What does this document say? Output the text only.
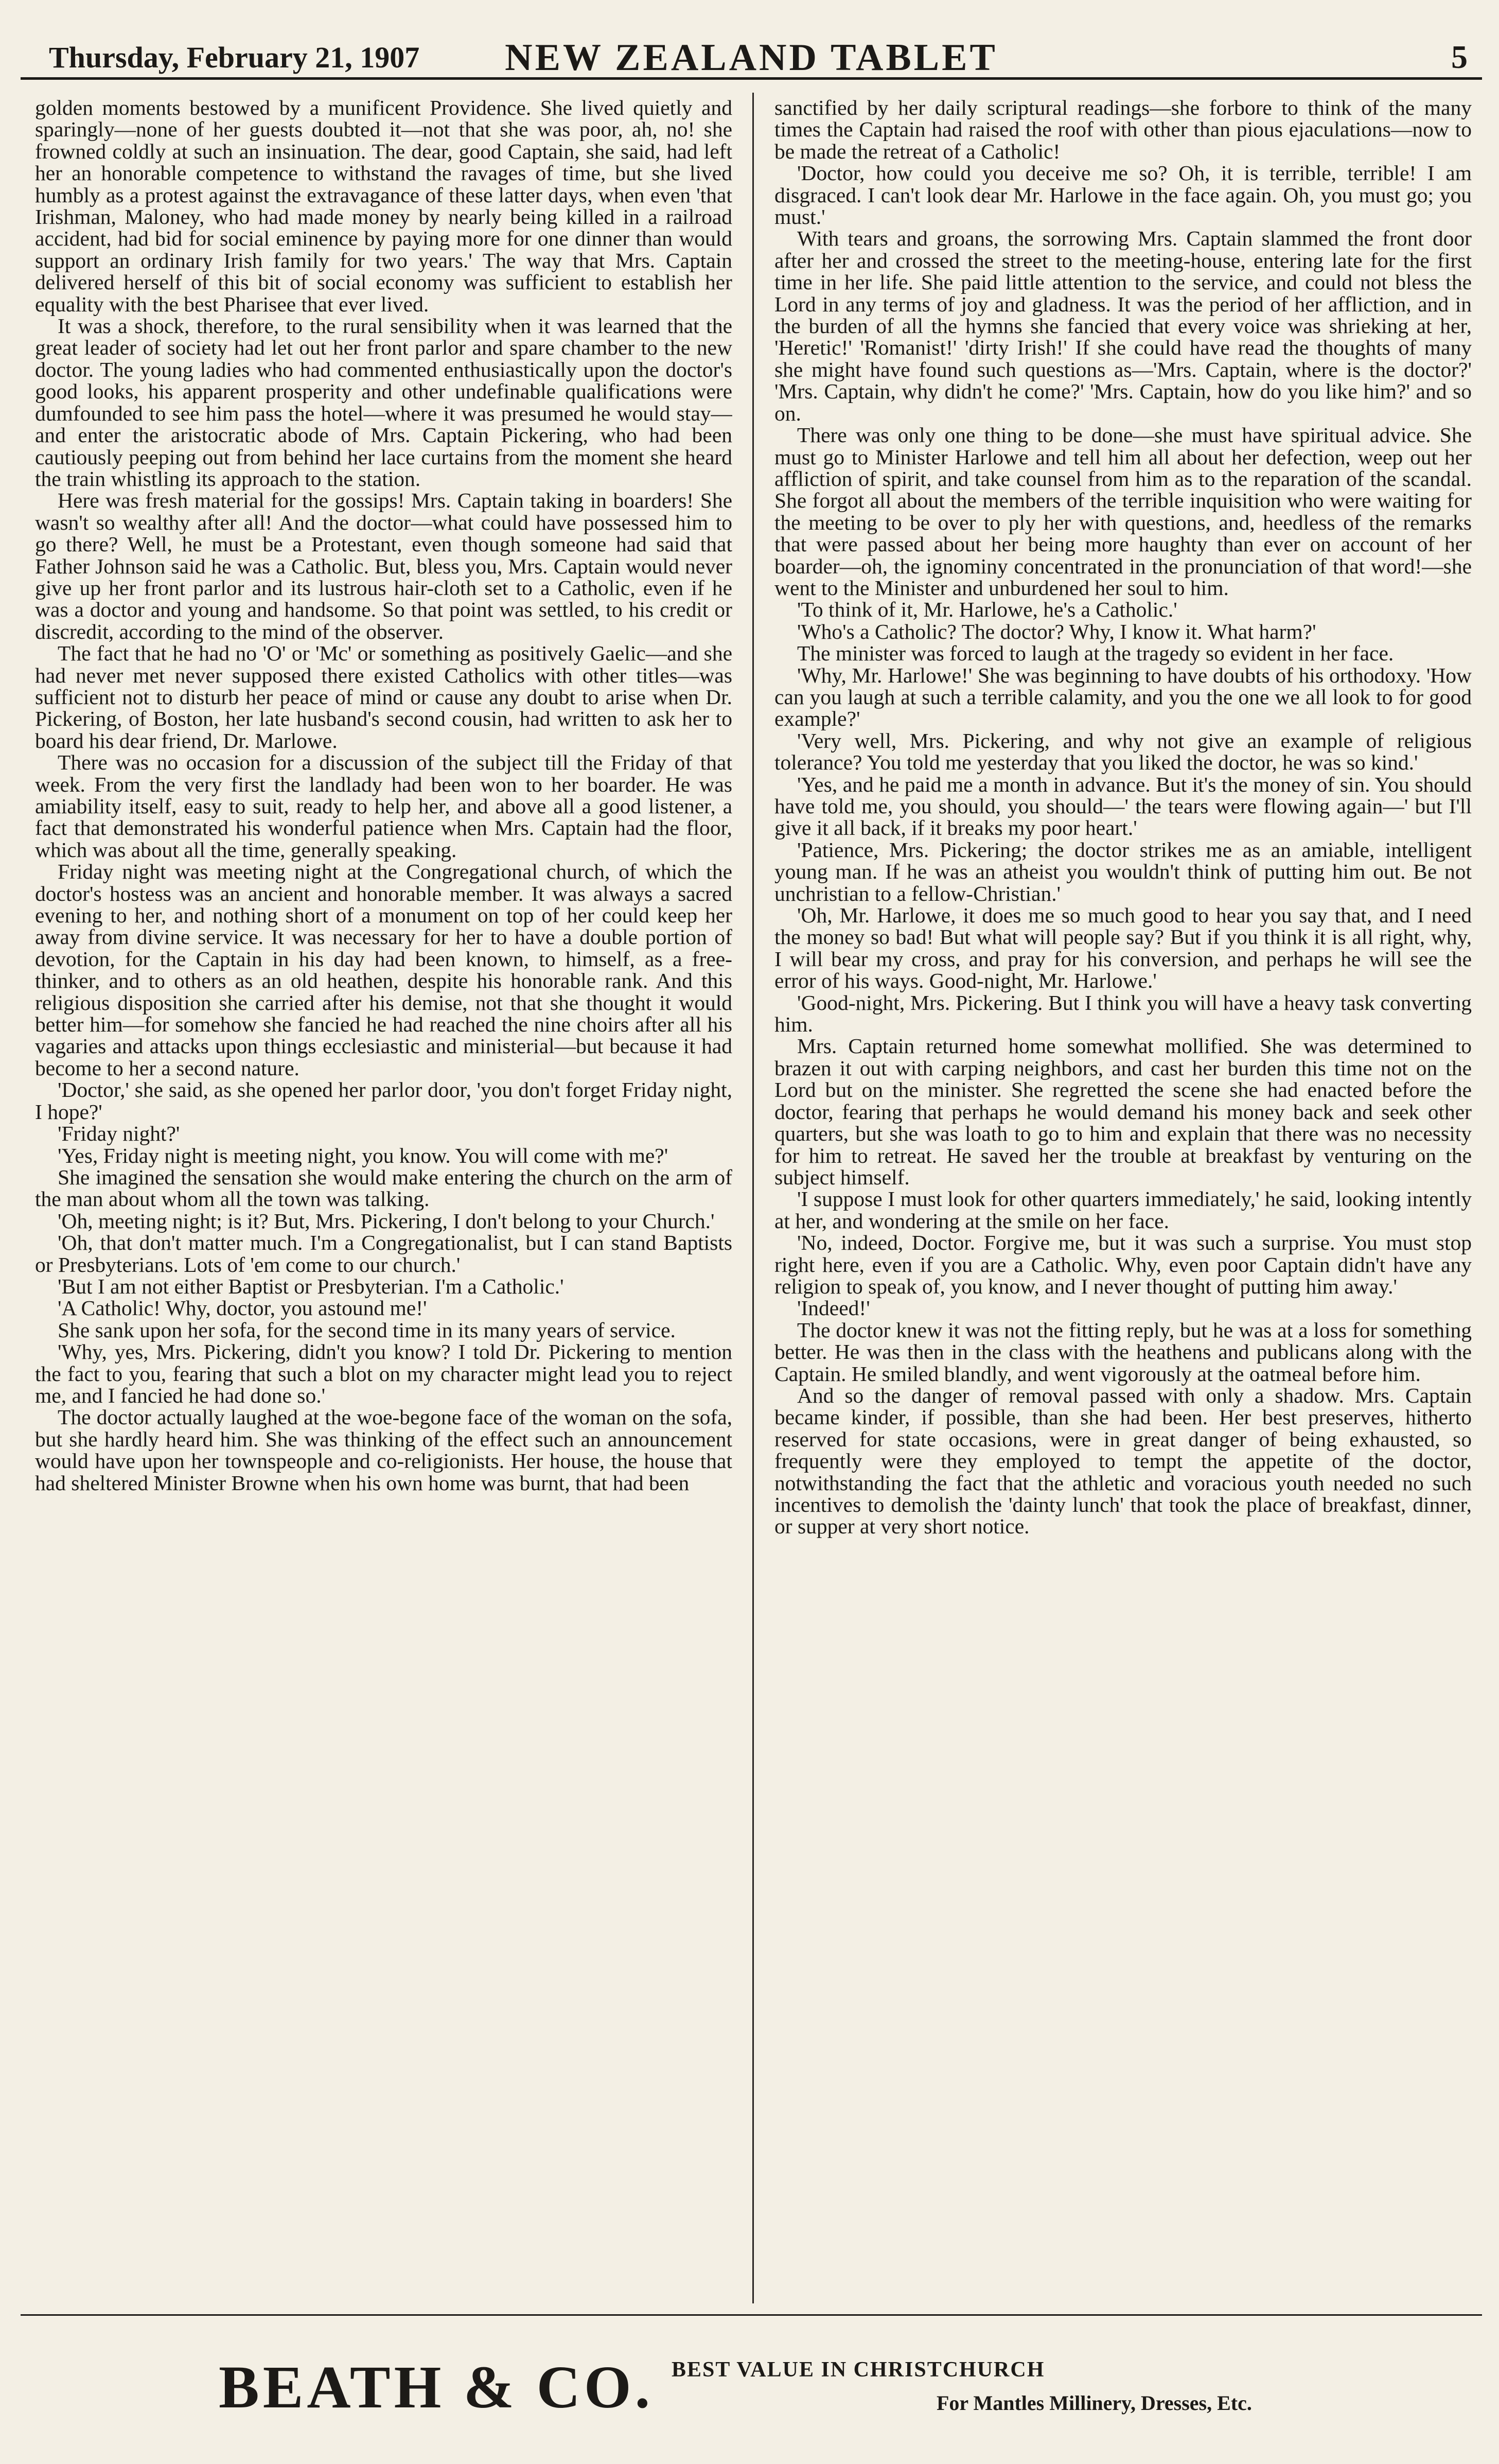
Thursday, February 21, 1907	NEW ZEALAND TABLET	5

golden moments bestowed by a munificent Providence. She lived quietly and sparingly—none of her guests doubted it—not that she was poor, ah, no! she frowned coldly at such an insinuation. The dear, good Captain, she said, had left her an honorable competence to withstand the ravages of time, but she lived humbly as a protest against the extravagance of these latter days, when even 'that Irishman, Maloney, who had made money by nearly being killed in a railroad accident, had bid for social eminence by paying more for one dinner than would support an ordinary Irish family for two years.' The way that Mrs. Captain delivered herself of this bit of social economy was sufficient to establish her equality with the best Pharisee that ever lived.

It was a shock, therefore, to the rural sensibility when it was learned that the great leader of society had let out her front parlor and spare chamber to the new doctor. The young ladies who had commented enthusiastically upon the doctor's good looks, his apparent prosperity and other undefinable qualifications were dumfounded to see him pass the hotel—where it was presumed he would stay—and enter the aristocratic abode of Mrs. Captain Pickering, who had been cautiously peeping out from behind her lace curtains from the moment she heard the train whistling its approach to the station.

Here was fresh material for the gossips! Mrs. Captain taking in boarders! She wasn't so wealthy after all! And the doctor—what could have possessed him to go there? Well, he must be a Protestant, even though someone had said that Father Johnson said he was a Catholic. But, bless you, Mrs. Captain would never give up her front parlor and its lustrous hair-cloth set to a Catholic, even if he was a doctor and young and handsome. So that point was settled, to his credit or discredit, according to the mind of the observer.

The fact that he had no 'O' or 'Mc' or something as positively Gaelic—and she had never met never supposed there existed Catholics with other titles—was sufficient not to disturb her peace of mind or cause any doubt to arise when Dr. Pickering, of Boston, her late husband's second cousin, had written to ask her to board his dear friend, Dr. Marlowe.

There was no occasion for a discussion of the subject till the Friday of that week. From the very first the landlady had been won to her boarder. He was amiability itself, easy to suit, ready to help her, and above all a good listener, a fact that demonstrated his wonderful patience when Mrs. Captain had the floor, which was about all the time, generally speaking.

Friday night was meeting night at the Congregational church, of which the doctor's hostess was an ancient and honorable member. It was always a sacred evening to her, and nothing short of a monument on top of her could keep her away from divine service. It was necessary for her to have a double portion of devotion, for the Captain in his day had been known, to himself, as a free-thinker, and to others as an old heathen, despite his honorable rank. And this religious disposition she carried after his demise, not that she thought it would better him—for somehow she fancied he had reached the nine choirs after all his vagaries and attacks upon things ecclesiastic and ministerial—but because it had become to her a second nature.

'Doctor,' she said, as she opened her parlor door, 'you don't forget Friday night, I hope?'

'Friday night?'

'Yes, Friday night is meeting night, you know. You will come with me?'

She imagined the sensation she would make entering the church on the arm of the man about whom all the town was talking.

'Oh, meeting night; is it? But, Mrs. Pickering, I don't belong to your Church.'

'Oh, that don't matter much. I'm a Congregationalist, but I can stand Baptists or Presbyterians. Lots of 'em come to our church.'

'But I am not either Baptist or Presbyterian. I'm a Catholic.'

'A Catholic! Why, doctor, you astound me!'

She sank upon her sofa, for the second time in its many years of service.

'Why, yes, Mrs. Pickering, didn't you know? I told Dr. Pickering to mention the fact to you, fearing that such a blot on my character might lead you to reject me, and I fancied he had done so.'

The doctor actually laughed at the woe-begone face of the woman on the sofa, but she hardly heard him. She was thinking of the effect such an announcement would have upon her townspeople and co-religionists. Her house, the house that had sheltered Minister Browne when his own home was burnt, that had been

sanctified by her daily scriptural readings—she forbore to think of the many times the Captain had raised the roof with other than pious ejaculations—now to be made the retreat of a Catholic!

'Doctor, how could you deceive me so? Oh, it is terrible, terrible! I am disgraced. I can't look dear Mr. Harlowe in the face again. Oh, you must go; you must.'

With tears and groans, the sorrowing Mrs. Captain slammed the front door after her and crossed the street to the meeting-house, entering late for the first time in her life. She paid little attention to the service, and could not bless the Lord in any terms of joy and gladness. It was the period of her affliction, and in the burden of all the hymns she fancied that every voice was shrieking at her, 'Heretic!' 'Romanist!' 'dirty Irish!' If she could have read the thoughts of many she might have found such questions as—'Mrs. Captain, where is the doctor?' 'Mrs. Captain, why didn't he come?' 'Mrs. Captain, how do you like him?' and so on.

There was only one thing to be done—she must have spiritual advice. She must go to Minister Harlowe and tell him all about her defection, weep out her affliction of spirit, and take counsel from him as to the reparation of the scandal. She forgot all about the members of the terrible inquisition who were waiting for the meeting to be over to ply her with questions, and, heedless of the remarks that were passed about her being more haughty than ever on account of her boarder—oh, the ignominy concentrated in the pronunciation of that word!—she went to the Minister and unburdened her soul to him.

'To think of it, Mr. Harlowe, he's a Catholic.'

'Who's a Catholic? The doctor? Why, I know it. What harm?'

The minister was forced to laugh at the tragedy so evident in her face.

'Why, Mr. Harlowe!' She was beginning to have doubts of his orthodoxy. 'How can you laugh at such a terrible calamity, and you the one we all look to for good example?'

'Very well, Mrs. Pickering, and why not give an example of religious tolerance? You told me yesterday that you liked the doctor, he was so kind.'

'Yes, and he paid me a month in advance. But it's the money of sin. You should have told me, you should, you should—' the tears were flowing again—' but I'll give it all back, if it breaks my poor heart.'

'Patience, Mrs. Pickering; the doctor strikes me as an amiable, intelligent young man. If he was an atheist you wouldn't think of putting him out. Be not unchristian to a fellow-Christian.'

'Oh, Mr. Harlowe, it does me so much good to hear you say that, and I need the money so bad! But what will people say? But if you think it is all right, why, I will bear my cross, and pray for his conversion, and perhaps he will see the error of his ways. Good-night, Mr. Harlowe.'

'Good-night, Mrs. Pickering. But I think you will have a heavy task converting him.

Mrs. Captain returned home somewhat mollified. She was determined to brazen it out with carping neighbors, and cast her burden this time not on the Lord but on the minister. She regretted the scene she had enacted before the doctor, fearing that perhaps he would demand his money back and seek other quarters, but she was loath to go to him and explain that there was no necessity for him to retreat. He saved her the trouble at breakfast by venturing on the subject himself.

'I suppose I must look for other quarters immediately,' he said, looking intently at her, and wondering at the smile on her face.

'No, indeed, Doctor. Forgive me, but it was such a surprise. You must stop right here, even if you are a Catholic. Why, even poor Captain didn't have any religion to speak of, you know, and I never thought of putting him away.'

'Indeed!'

The doctor knew it was not the fitting reply, but he was at a loss for something better. He was then in the class with the heathens and publicans along with the Captain. He smiled blandly, and went vigorously at the oatmeal before him.

And so the danger of removal passed with only a shadow. Mrs. Captain became kinder, if possible, than she had been. Her best preserves, hitherto reserved for state occasions, were in great danger of being exhausted, so frequently were they employed to tempt the appetite of the doctor, notwithstanding the fact that the athletic and voracious youth needed no such incentives to demolish the 'dainty lunch' that took the place of breakfast, dinner, or supper at very short notice.

BEATH & CO. BEST VALUE IN CHRISTCHURCH
For Mantles Millinery, Dresses, Etc.
